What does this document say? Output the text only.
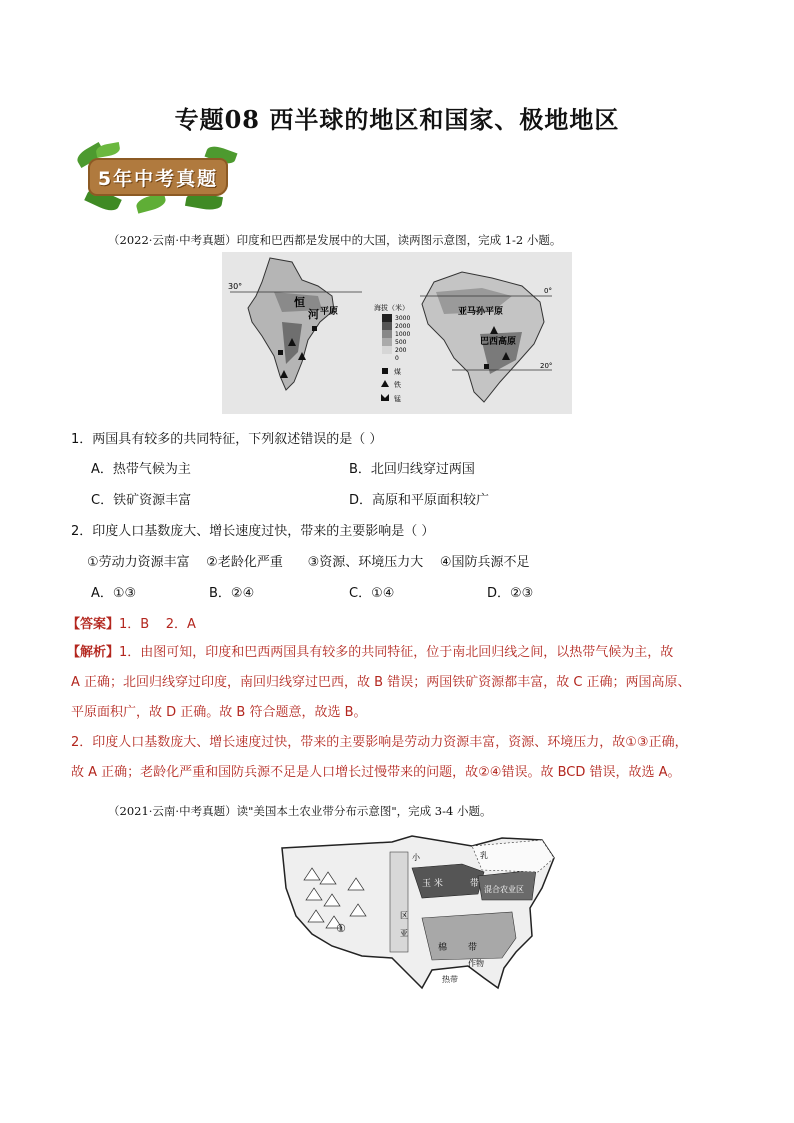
专题08 西半球的地区和国家、极地地区
5年中考真题
（2022·云南·中考真题）印度和巴西都是发展中的大国，读两图示意图，完成 1-2 小题。
30°
恒
河 平原	海拔（米）
3000
2000
1000
500
200
0
煤
铁
锰
0°
20°
亚马孙平原
巴西高原
1．两国具有较多的共同特征，下列叙述错误的是（ ）
A．热带气候为主	B．北回归线穿过两国
C．铁矿资源丰富	D．高原和平原面积较广
2．印度人口基数庞大、增长速度过快，带来的主要影响是（ ）
①劳动力资源丰富    ②老龄化严重      ③资源、环境压力大    ④国防兵源不足
A．①③	B．②④	C．①④	D．②③
【答案】1．B    2．A

【解析】1．由图可知，印度和巴西两国具有较多的共同特征，位于南北回归线之间，以热带气候为主，故

A 正确；北回归线穿过印度，南回归线穿过巴西，故 B 错误；两国铁矿资源都丰富，故 C 正确；两国高原、

平原面积广，故 D 正确。故 B 符合题意，故选 B。

2．印度人口基数庞大、增长速度过快，带来的主要影响是劳动力资源丰富，资源、环境压力，故①③正确，

故 A 正确；老龄化严重和国防兵源不足是人口增长过慢带来的问题，故②④错误。故 BCD 错误，故选 A。

（2021·云南·中考真题）读"美国本土农业带分布示意图"，完成 3-4 小题。
①
玉 米	带
混合农业区
乳
小
区
亚
棉 带
作物
热带
